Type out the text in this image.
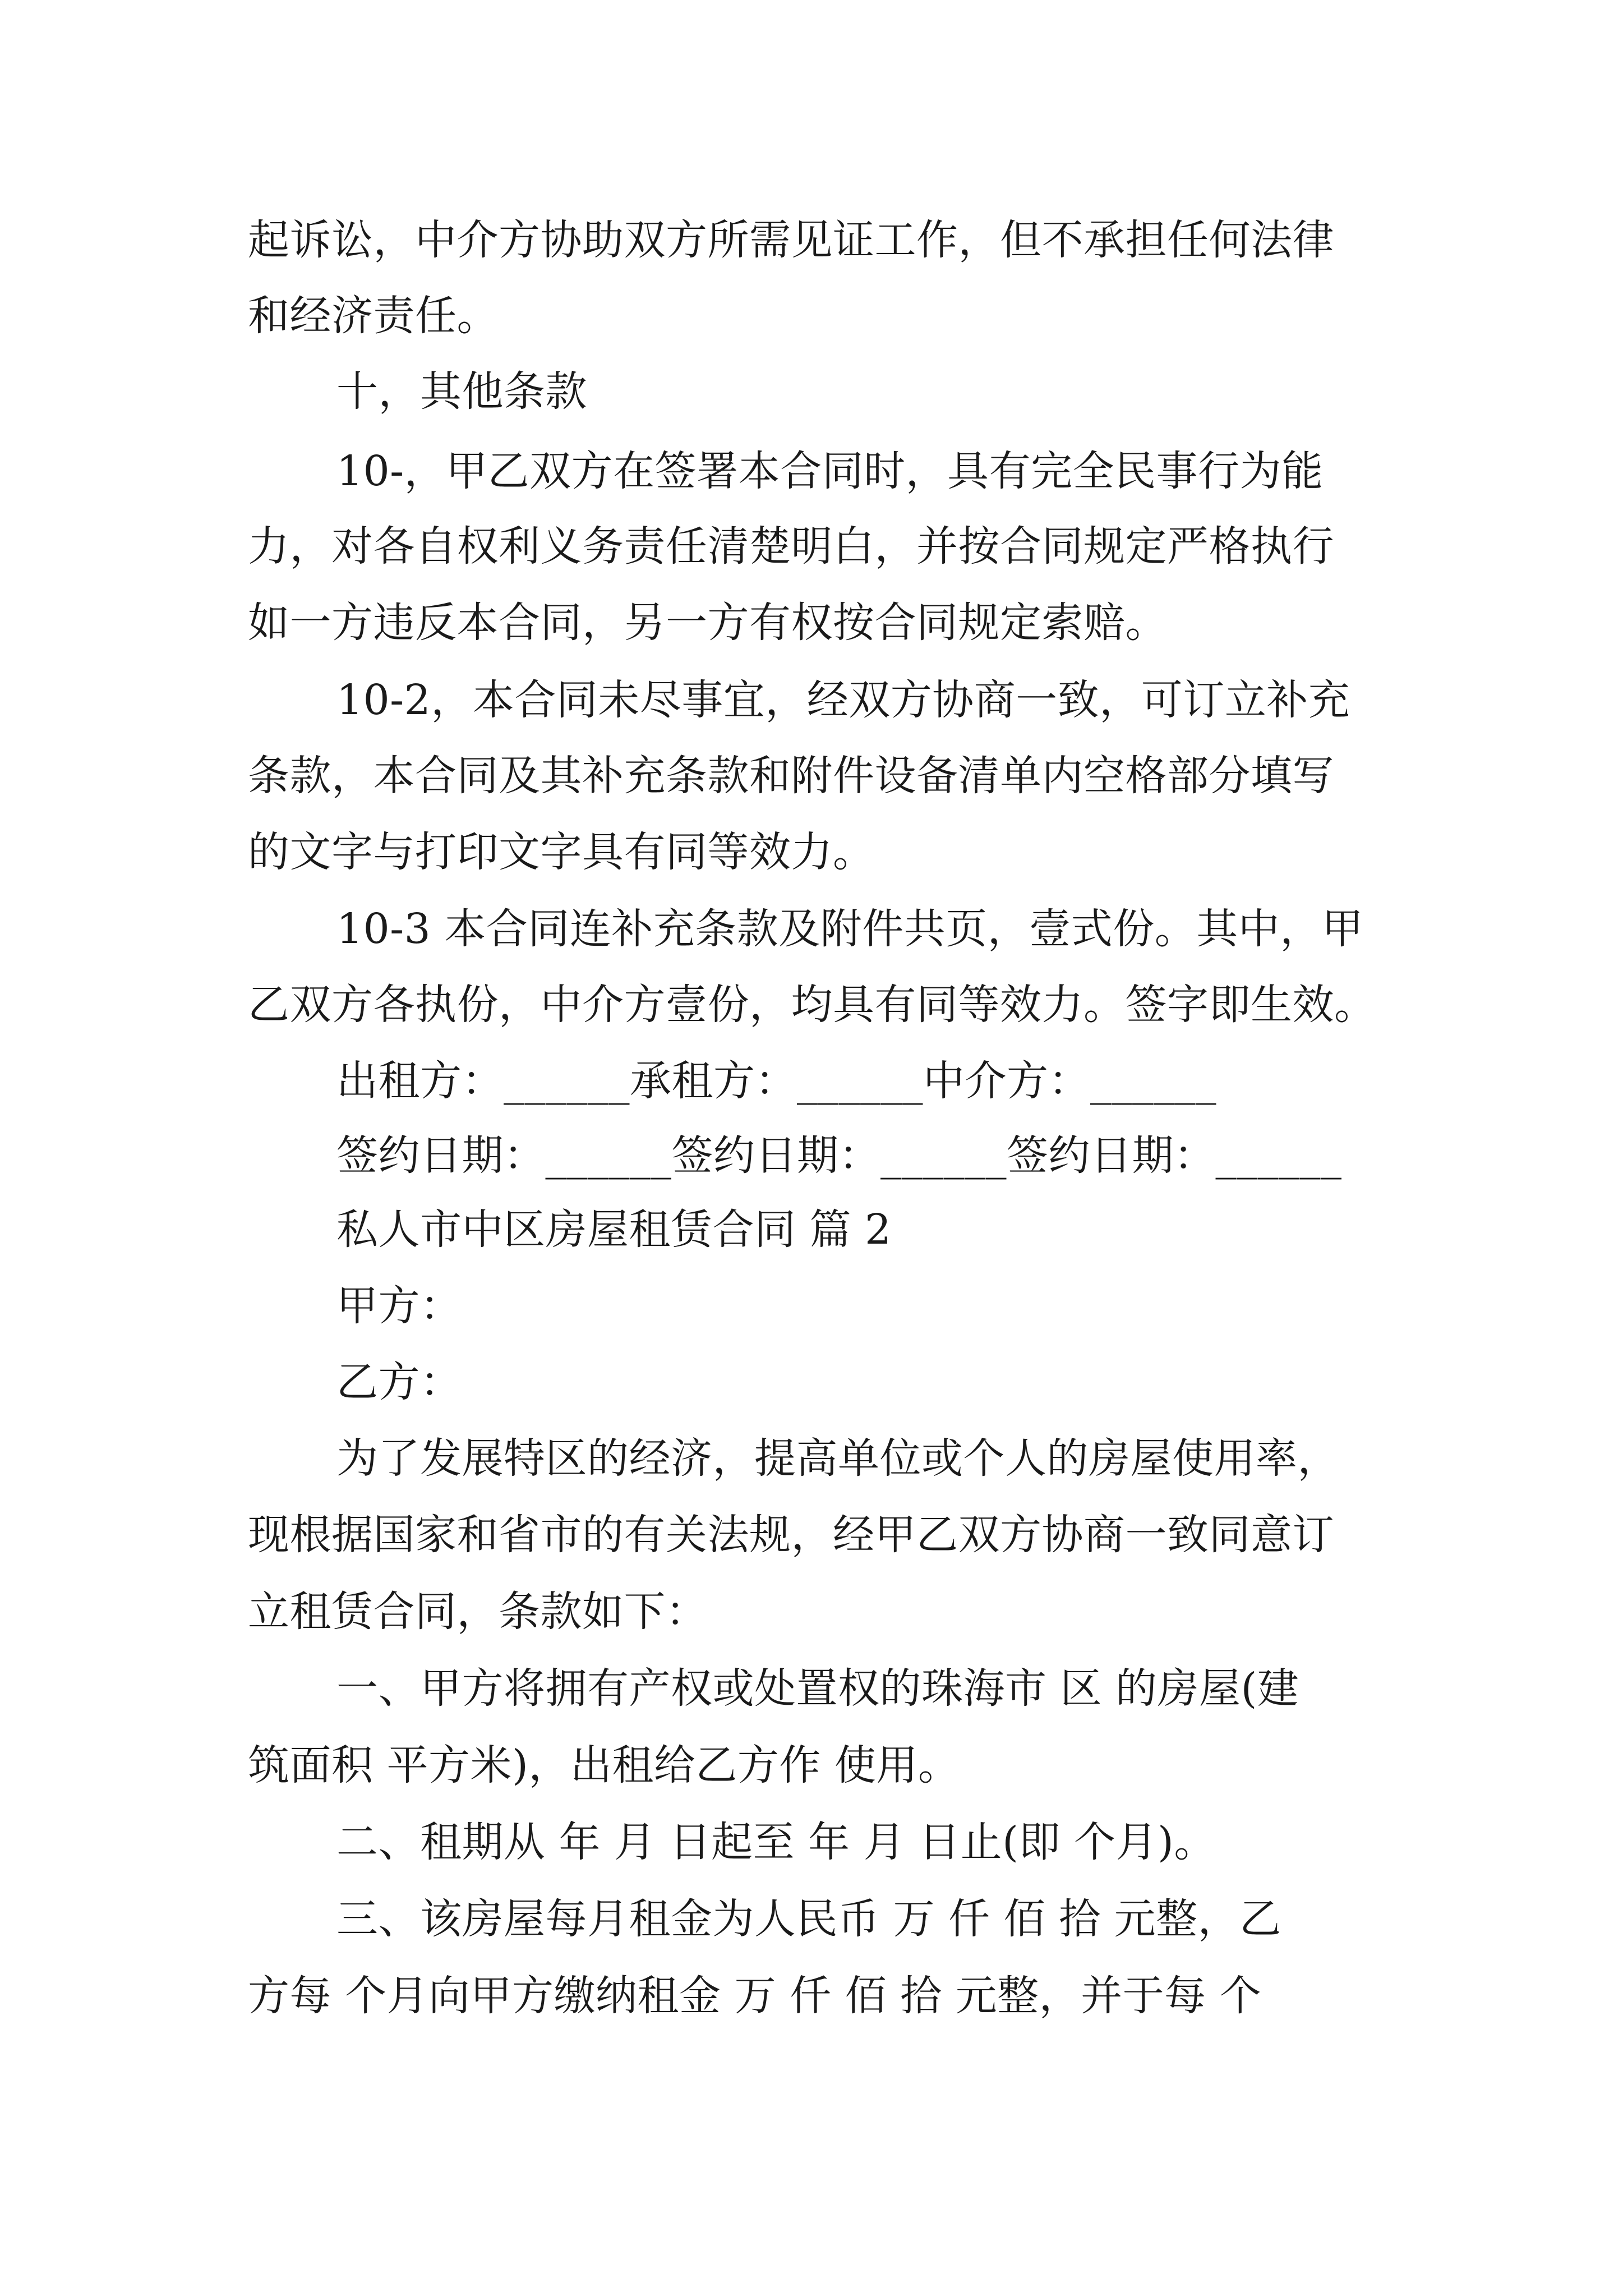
起诉讼，中介方协助双方所需见证工作，但不承担任何法律
和经济责任。
十，其他条款
10-，甲乙双方在签署本合同时，具有完全民事行为能
力，对各自权利义务责任清楚明白，并按合同规定严格执行
如一方违反本合同，另一方有权按合同规定索赔。
10-2，本合同未尽事宜，经双方协商一致，可订立补充
条款，本合同及其补充条款和附件设备清单内空格部分填写
的文字与打印文字具有同等效力。
10-3 本合同连补充条款及附件共页，壹式份。其中，甲
乙双方各执份，中介方壹份，均具有同等效力。签字即生效。
出租方：______承租方：______中介方：______
签约日期：______签约日期：______签约日期：______
私人市中区房屋租赁合同 篇 2
甲方：
乙方：
为了发展特区的经济，提高单位或个人的房屋使用率，
现根据国家和省市的有关法规，经甲乙双方协商一致同意订
立租赁合同，条款如下：
一、甲方将拥有产权或处置权的珠海市 区 的房屋(建
筑面积 平方米)，出租给乙方作 使用。
二、租期从 年 月 日起至 年 月 日止(即 个月)。
三、该房屋每月租金为人民币 万 仟 佰 拾 元整，乙
方每 个月向甲方缴纳租金 万 仟 佰 拾 元整，并于每 个
